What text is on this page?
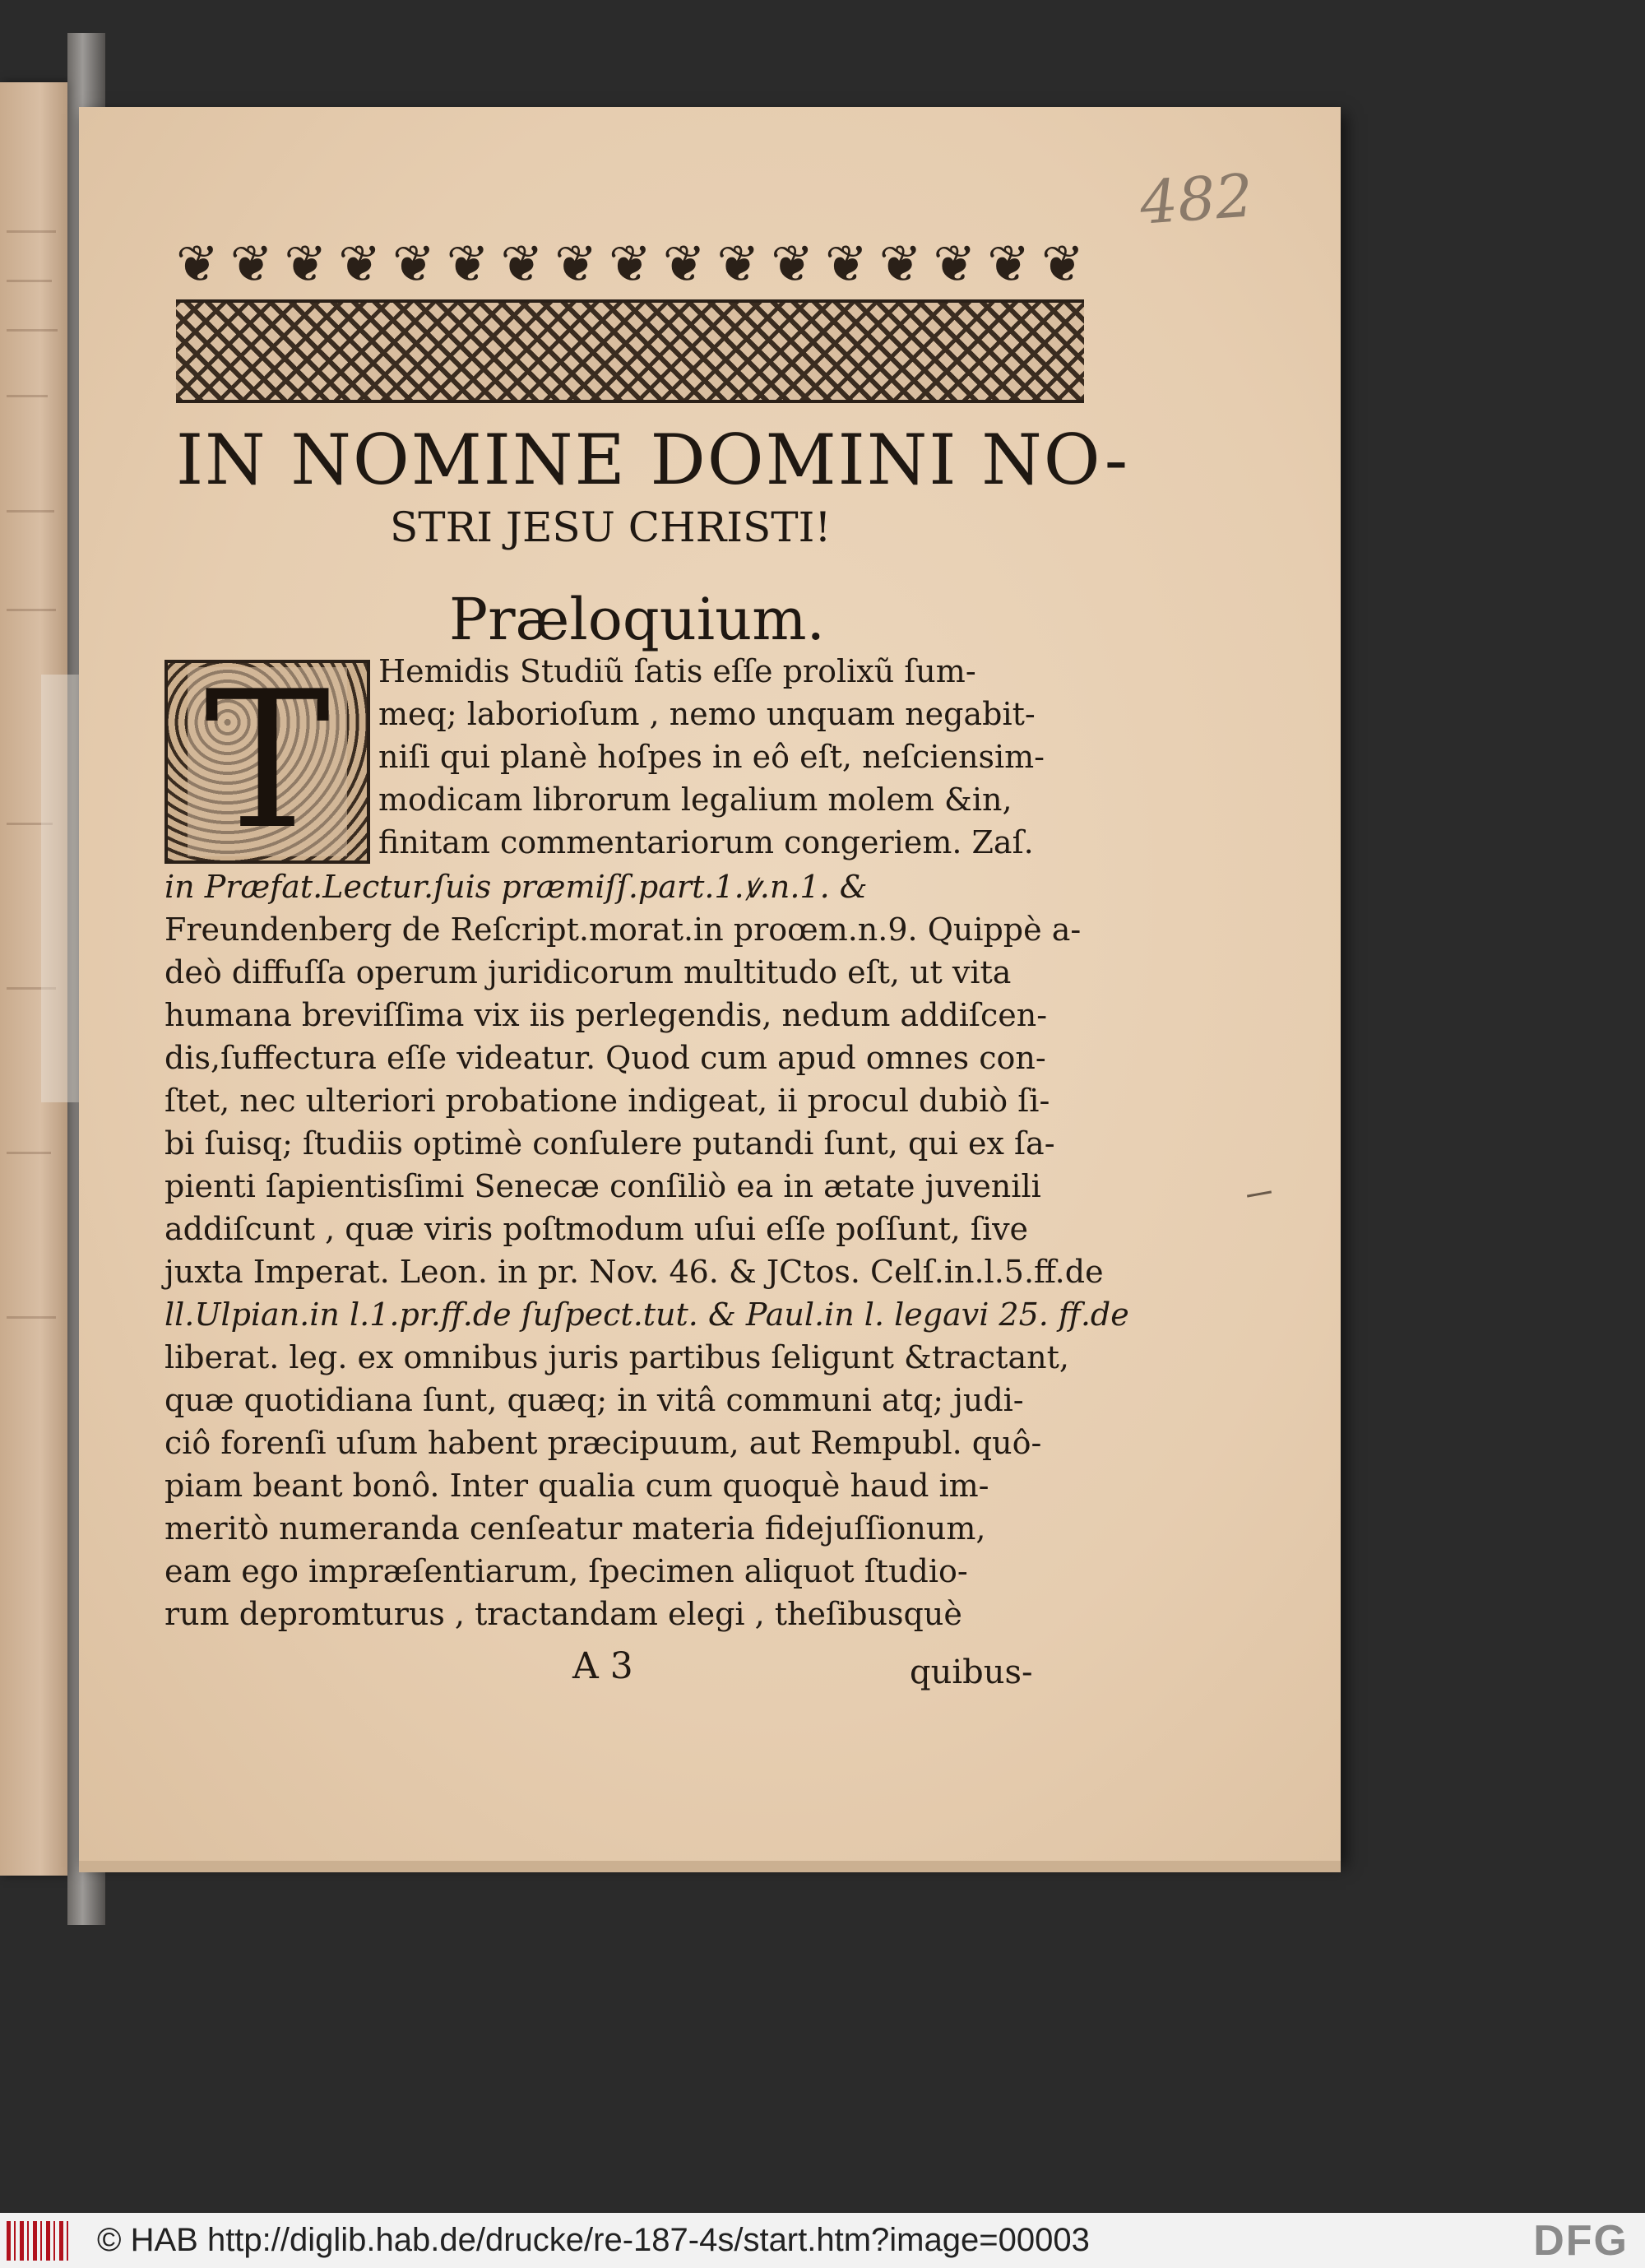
482
❦ ❦ ❦ ❦ ❦ ❦ ❦ ❦ ❦ ❦ ❦ ❦ ❦ ❦ ❦ ❦ ❦
IN NOMINE DOMINI NO-
STRI JESU CHRISTI!
Præloquium.
T	Hemidis Studiũ ſatis eſſe prolixũ ſum-
meq; laborioſum , nemo unquam negabit-
niſi qui planè hoſpes in eô eſt, neſciensim-
modicam librorum legalium molem &in,
finitam commentariorum congeriem. Zaſ.
in Præfat.Lectur.ſuis præmiſſ.part.1.ꝟ.n.1. &
Freundenberg de Reſcript.morat.in proœm.n.9. Quippè a-
deò diffuſſa operum juridicorum multitudo eſt, ut vita
humana breviſſima vix iis perlegendis, nedum addiſcen-
dis,ſuffectura eſſe videatur. Quod cum apud omnes con-
ſtet, nec ulteriori probatione indigeat, ii procul dubiò ſi-
bi ſuisq; ſtudiis optimè conſulere putandi ſunt, qui ex ſa-
pienti ſapientisſimi Senecæ conſiliò ea in ætate juvenili
addiſcunt , quæ viris poſtmodum uſui eſſe poſſunt, ſive
juxta Imperat. Leon. in pr. Nov. 46. & JCtos. Celſ.in.l.5.ff.de
ll.Ulpian.in l.1.pr.ff.de ſuſpect.tut. & Paul.in l. legavi 25. ff.de
liberat. leg. ex omnibus juris partibus ſeligunt &tractant,
quæ quotidiana ſunt, quæq; in vitâ communi atq; judi-
ciô forenſi uſum habent præcipuum, aut Rempubl. quô-
piam beant bonô. Inter qualia cum quoquè haud im-
meritò numeranda cenſeatur materia fidejuſſionum,
eam ego impræſentiarum, ſpecimen aliquot ſtudio-
rum depromturus , tractandam elegi , theſibusquè
A 3	quibus-
© HAB http://diglib.hab.de/drucke/re-187-4s/start.htm?image=00003	DFG
